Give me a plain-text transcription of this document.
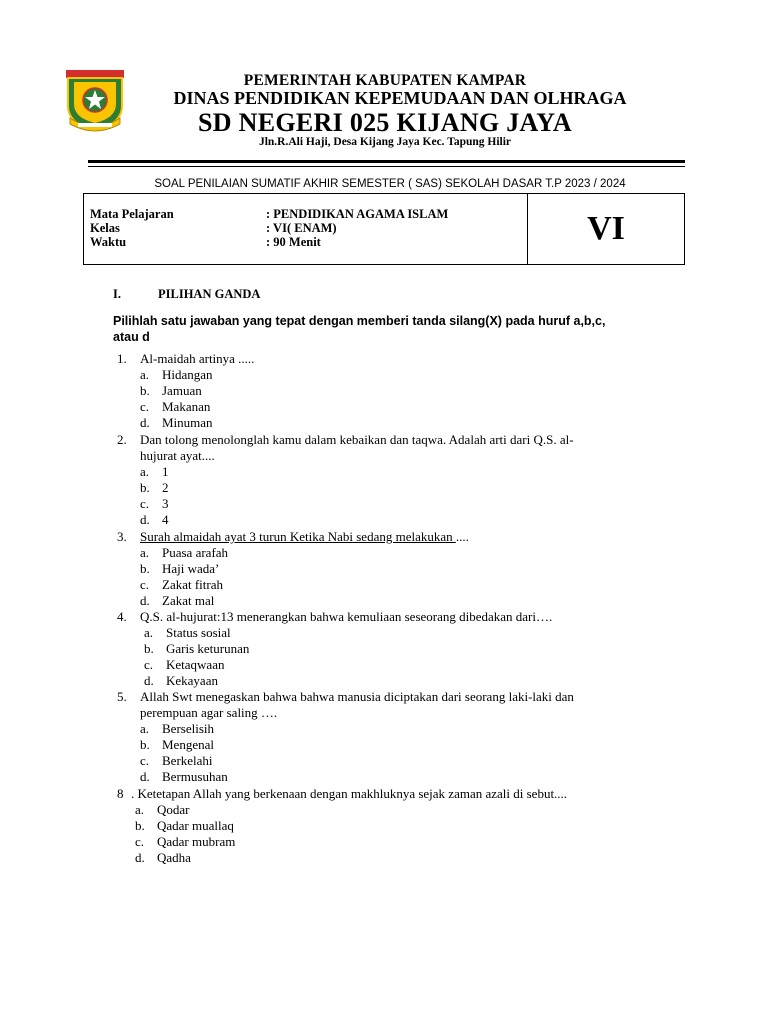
PEMERINTAH KABUPATEN KAMPAR
DINAS PENDIDIKAN KEPEMUDAAN DAN OLHRAGA
SD NEGERI 025 KIJANG JAYA
Jln.R.Ali Haji, Desa Kijang Jaya Kec. Tapung Hilir
SOAL PENILAIAN SUMATIF AKHIR SEMESTER ( SAS) SEKOLAH DASAR T.P 2023 / 2024
Mata Pelajaran	: PENDIDIKAN AGAMA ISLAM
Kelas	: VI( ENAM)
Waktu	: 90 Menit	VI
I.	PILIHAN GANDA
Pilihlah satu jawaban yang tepat dengan memberi tanda silang(X) pada huruf a,b,c, atau d
1. Al-maidah artinya .....
a. Hidangan
b. Jamuan
c. Makanan
d. Minuman
2. Dan tolong menolonglah kamu dalam kebaikan dan taqwa. Adalah arti dari Q.S. al-
hujurat ayat....
a. 1
b. 2
c. 3
d. 4
3. Surah almaidah ayat 3 turun Ketika Nabi sedang melakukan ....
a. Puasa arafah
b. Haji wada’
c. Zakat fitrah
d. Zakat mal
4. Q.S. al-hujurat:13 menerangkan bahwa kemuliaan seseorang dibedakan dari….
a. Status sosial
b. Garis keturunan
c. Ketaqwaan
d. Kekayaan
5. Allah Swt menegaskan bahwa bahwa manusia diciptakan dari seorang laki-laki dan
perempuan agar saling ….
a. Berselisih
b. Mengenal
c. Berkelahi
d. Bermusuhan
8 . Ketetapan Allah yang berkenaan dengan makhluknya sejak zaman azali di sebut....
a. Qodar
b. Qadar muallaq
c. Qadar mubram
d. Qadha
